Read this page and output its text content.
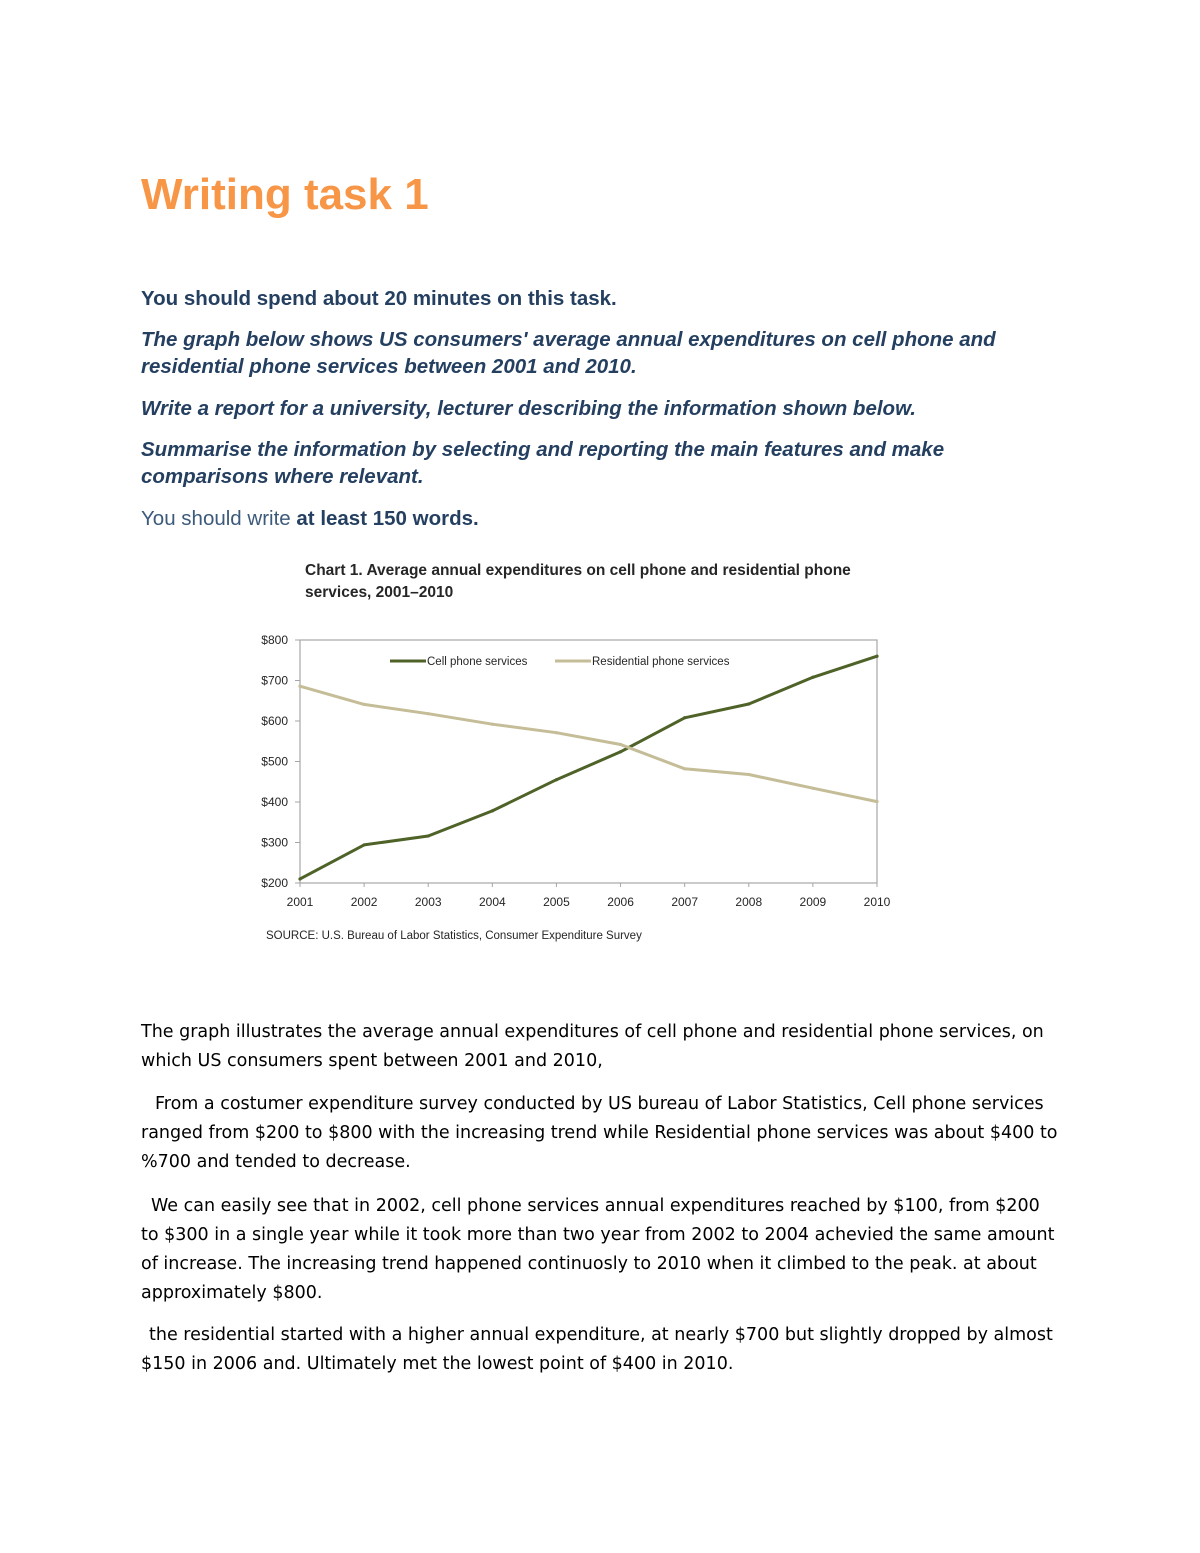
Writing task 1

You should spend about 20 minutes on this task.

The graph below shows US consumers' average annual expenditures on cell phone and residential phone services between 2001 and 2010.

Write a report for a university, lecturer describing the information shown below.

Summarise the information by selecting and reporting the main features and make comparisons where relevant.

You should write at least 150 words.

Chart 1. Average annual expenditures on cell phone and residential phone services, 2001–2010

$200
$300
$400
$500
$600
$700
$800
2001	2002	2003	2004	2005	2006	2007	2008	2009	2010
Cell phone services	Residential phone services

SOURCE: U.S. Bureau of Labor Statistics, Consumer Expenditure Survey

The graph illustrates the average annual expenditures of cell phone and residential phone services, on which US consumers spent between 2001 and 2010,

From a costumer expenditure survey conducted by US bureau of Labor Statistics, Cell phone services ranged from $200 to $800 with the increasing trend while Residential phone services was about $400 to %700 and tended to decrease.

We can easily see that in 2002, cell phone services annual expenditures reached by $100, from $200 to $300 in a single year while it took more than two year from 2002 to 2004 achevied the same amount of increase. The increasing trend happened continuosly to 2010 when it climbed to the peak. at about approximately $800.

the residential started with a higher annual expenditure, at nearly $700 but slightly dropped by almost $150 in 2006 and. Ultimately met the lowest point of $400 in 2010.
